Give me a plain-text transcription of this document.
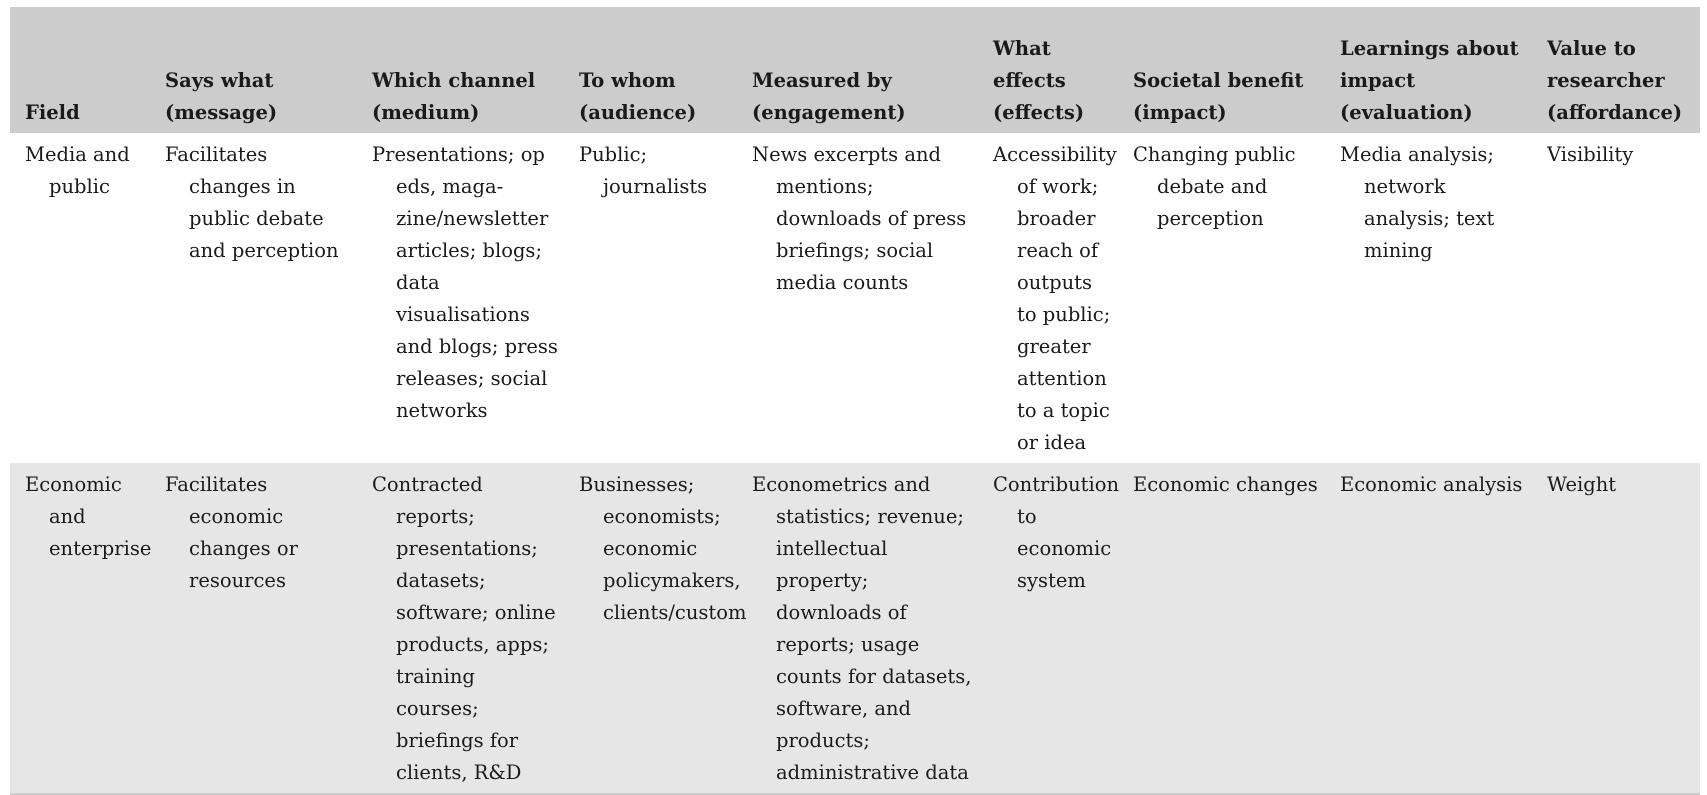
Field	Says what (message)	Which channel (medium)	To whom (audience)	Measured by (engagement)	What effects (effects)	Societal benefit (impact)	Learnings about impact (evaluation)	Value to researcher (affordance)

Media and public	Facilitates changes in public debate and perception	Presentations; op eds, magazine/newsletter articles; blogs; data visualisations and blogs; press releases; social networks	Public; journalists	News excerpts and mentions; downloads of press briefings; social media counts	Accessibility of work; broader reach of outputs to public; greater attention to a topic or idea	Changing public debate and perception	Media analysis; network analysis; text mining	Visibility

Economic and enterprise	Facilitates economic changes or resources	Contracted reports; presentations; datasets; software; online products, apps; training courses; briefings for clients, R&D	Businesses; economists; economic policymakers, clients/custom	Econometrics and statistics; revenue; intellectual property; downloads of reports; usage counts for datasets, software, and products; administrative data	Contribution to economic system	Economic changes	Economic analysis	Weight
